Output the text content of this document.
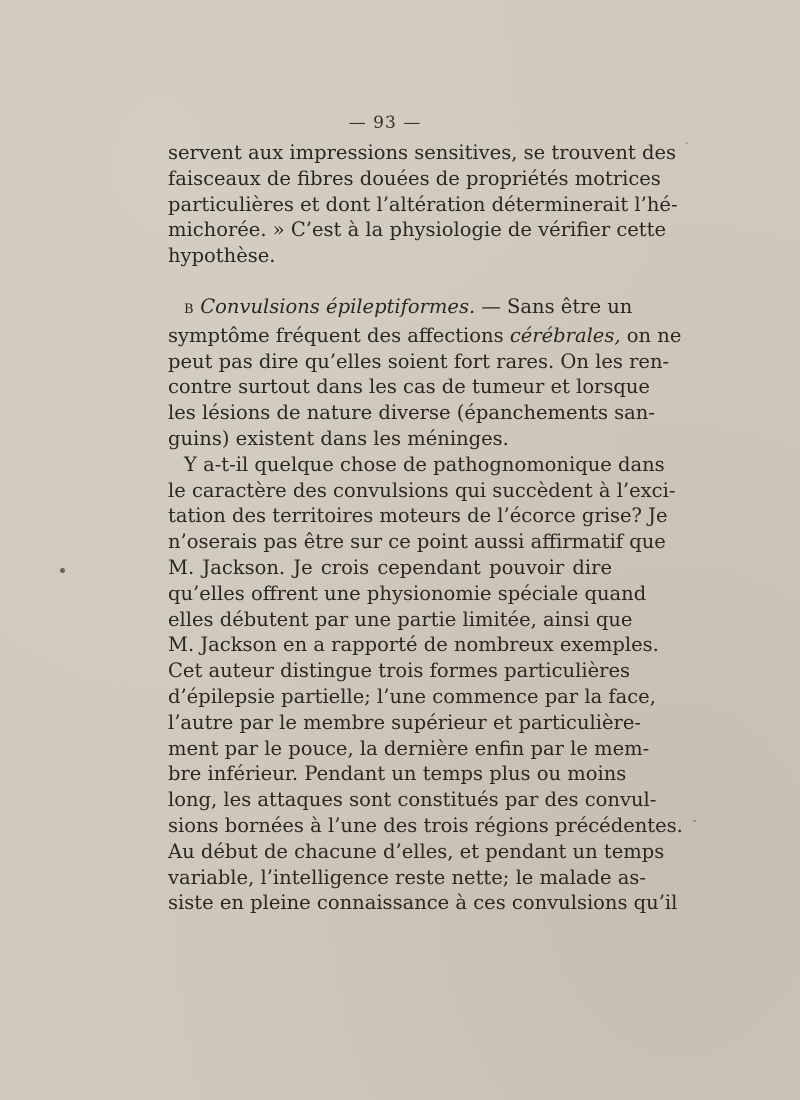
— 93 —
servent aux impressions sensitives, se trouvent des
faisceaux de fibres douées de propriétés motrices
particulières et dont l’altération déterminerait l’hé-
michorée. » C’est à la physiologie de vérifier cette
hypothèse.
B Convulsions épileptiformes. — Sans être un
symptôme fréquent des affections cérébrales, on ne
peut pas dire qu’elles soient fort rares. On les ren-
contre surtout dans les cas de tumeur et lorsque
les lésions de nature diverse (épanchements san-
guins) existent dans les méninges.
Y a-t-il quelque chose de pathognomonique dans
le caractère des convulsions qui succèdent à l’exci-
tation des territoires moteurs de l’écorce grise? Je
n’oserais pas être sur ce point aussi affirmatif que
M. Jackson. Je crois cependant pouvoir dire
qu’elles offrent une physionomie spéciale quand
elles débutent par une partie limitée, ainsi que
M. Jackson en a rapporté de nombreux exemples.
Cet auteur distingue trois formes particulières
d’épilepsie partielle; l’une commence par la face,
l’autre par le membre supérieur et particulière-
ment par le pouce, la dernière enfin par le mem-
bre inférieur. Pendant un temps plus ou moins
long, les attaques sont constitués par des convul-
sions bornées à l’une des trois régions précédentes.
Au début de chacune d’elles, et pendant un temps
variable, l’intelligence reste nette; le malade as-
siste en pleine connaissance à ces convulsions qu’il
